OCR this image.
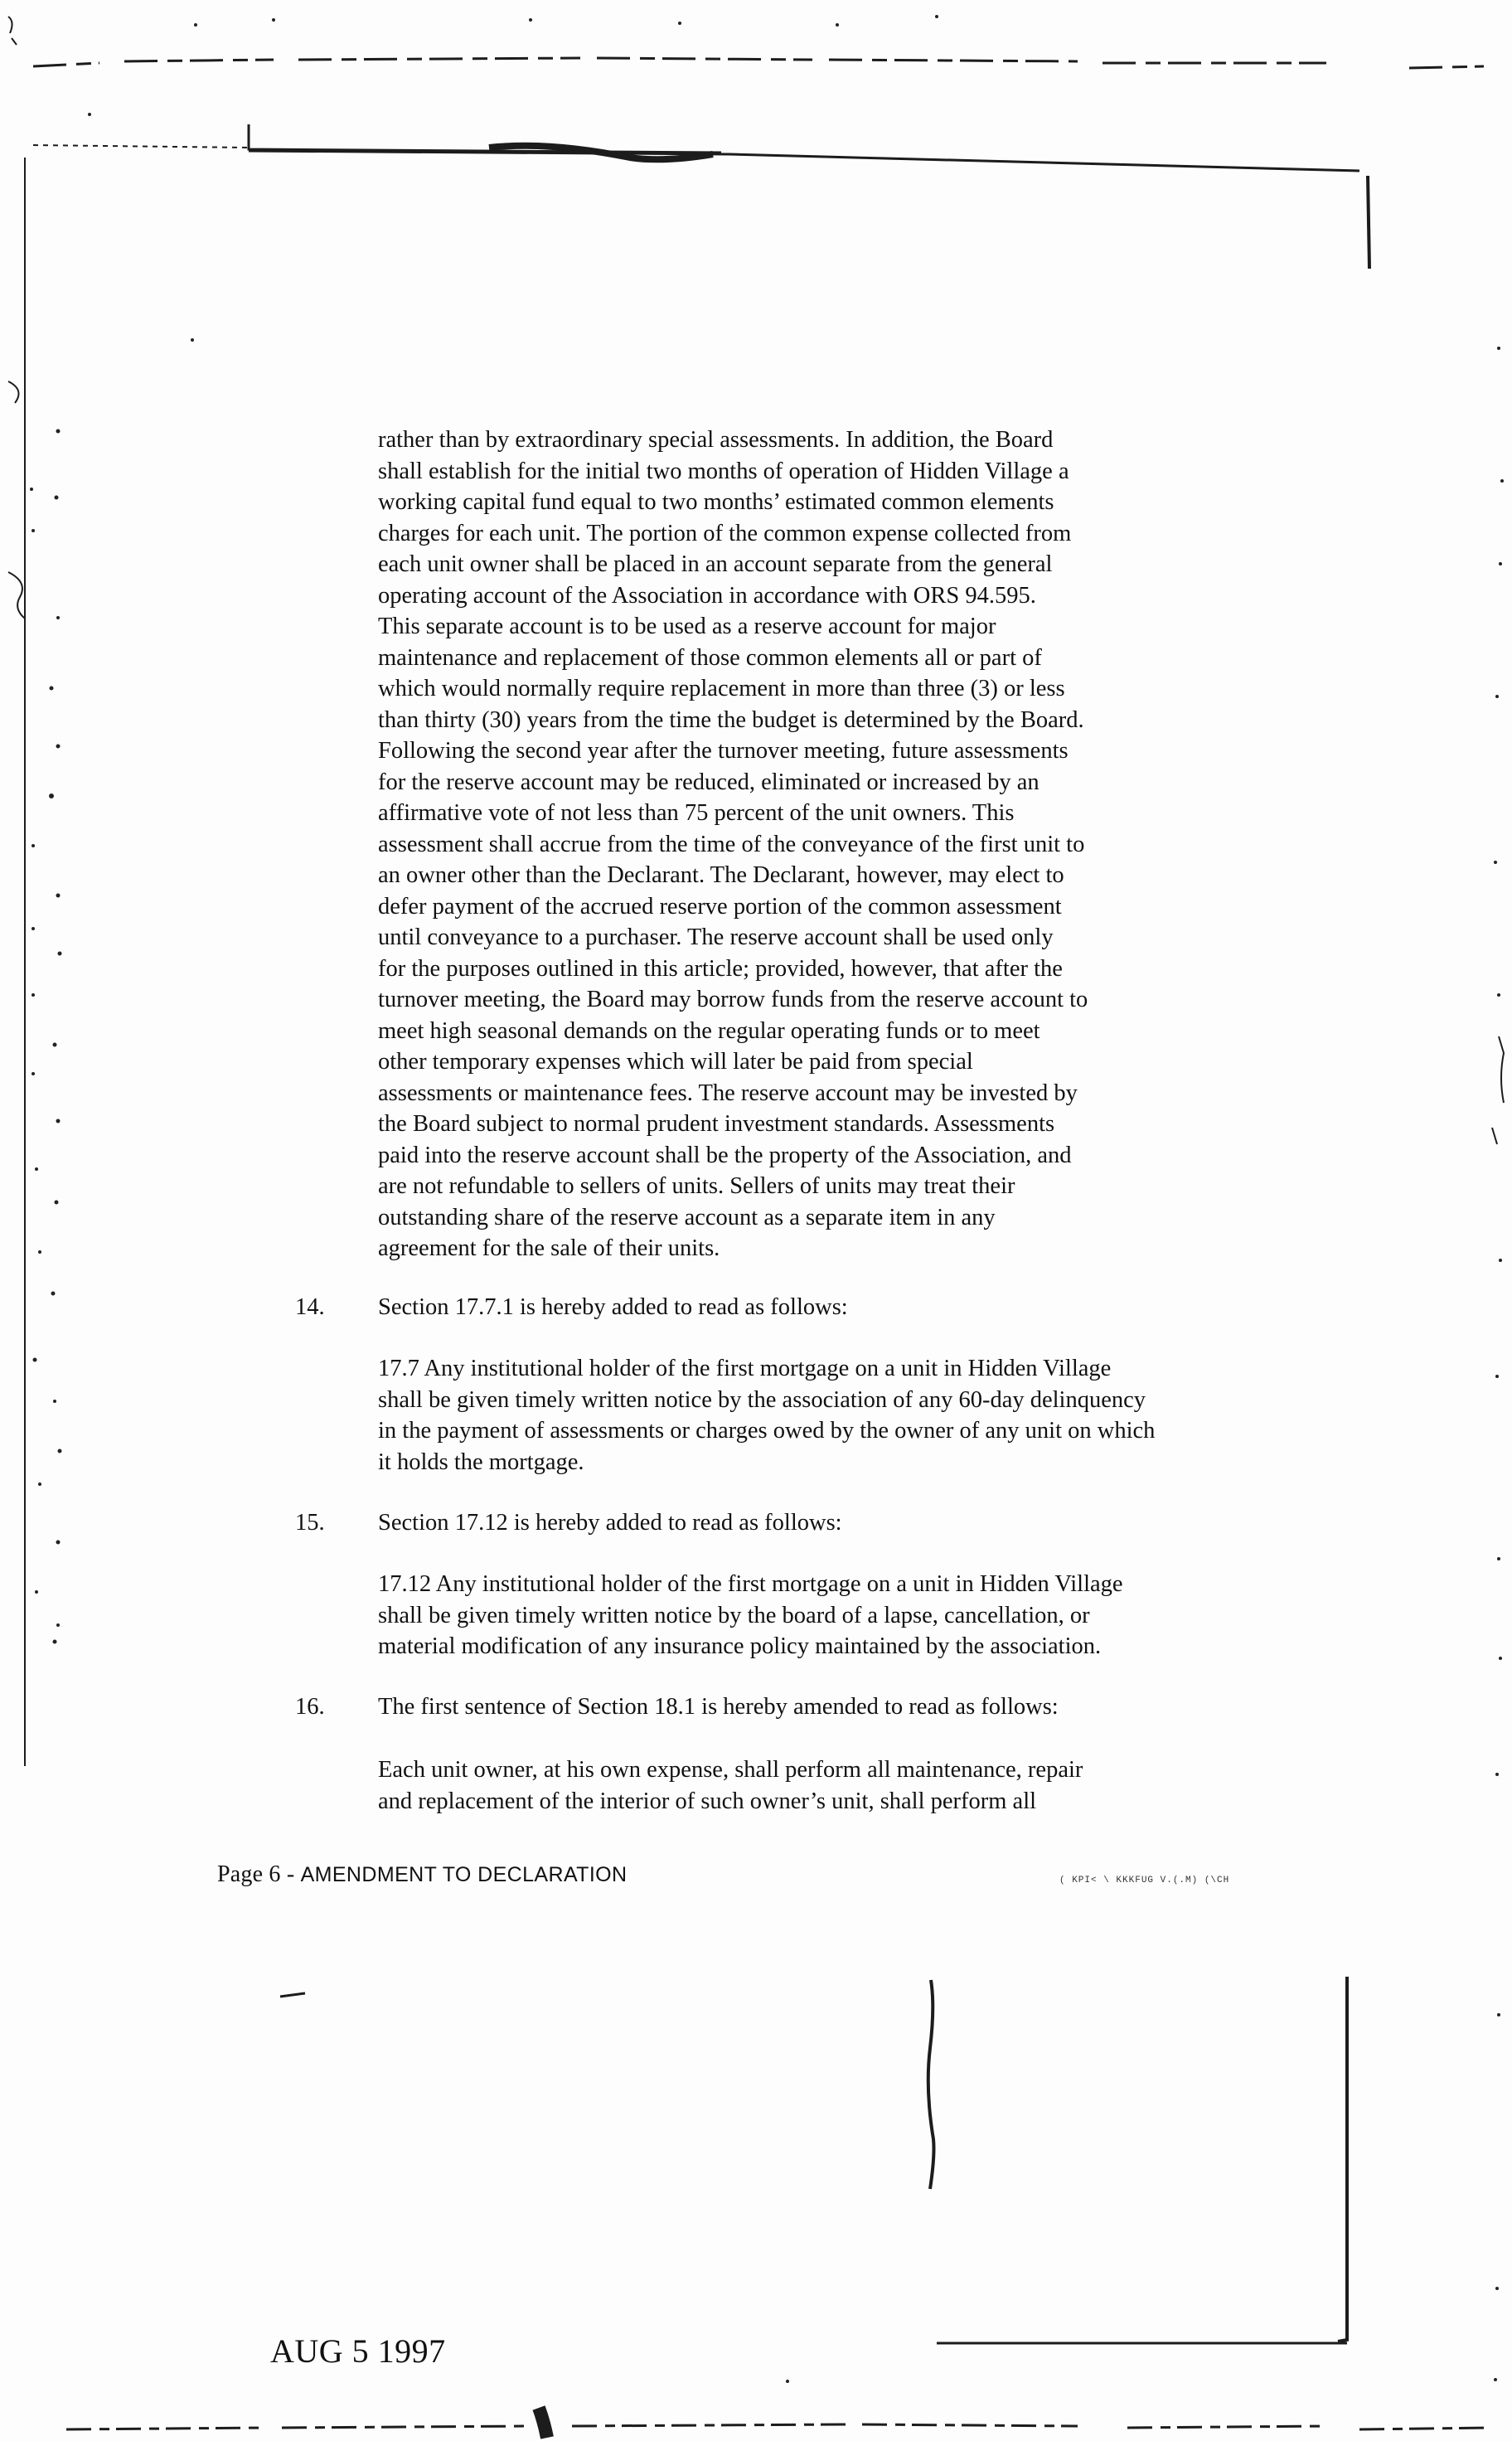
rather than by extraordinary special assessments. In addition, the Board
shall establish for the initial two months of operation of Hidden Village a
working capital fund equal to two months’ estimated common elements
charges for each unit. The portion of the common expense collected from
each unit owner shall be placed in an account separate from the general
operating account of the Association in accordance with ORS 94.595.
This separate account is to be used as a reserve account for major
maintenance and replacement of those common elements all or part of
which would normally require replacement in more than three (3) or less
than thirty (30) years from the time the budget is determined by the Board.
Following the second year after the turnover meeting, future assessments
for the reserve account may be reduced, eliminated or increased by an
affirmative vote of not less than 75 percent of the unit owners. This
assessment shall accrue from the time of the conveyance of the first unit to
an owner other than the Declarant. The Declarant, however, may elect to
defer payment of the accrued reserve portion of the common assessment
until conveyance to a purchaser. The reserve account shall be used only
for the purposes outlined in this article; provided, however, that after the
turnover meeting, the Board may borrow funds from the reserve account to
meet high seasonal demands on the regular operating funds or to meet
other temporary expenses which will later be paid from special
assessments or maintenance fees. The reserve account may be invested by
the Board subject to normal prudent investment standards. Assessments
paid into the reserve account shall be the property of the Association, and
are not refundable to sellers of units. Sellers of units may treat their
outstanding share of the reserve account as a separate item in any
agreement for the sale of their units.
14. Section 17.7.1 is hereby added to read as follows:
17.7 Any institutional holder of the first mortgage on a unit in Hidden Village
shall be given timely written notice by the association of any 60-day delinquency
in the payment of assessments or charges owed by the owner of any unit on which
it holds the mortgage.
15. Section 17.12 is hereby added to read as follows:
17.12 Any institutional holder of the first mortgage on a unit in Hidden Village
shall be given timely written notice by the board of a lapse, cancellation, or
material modification of any insurance policy maintained by the association.
16. The first sentence of Section 18.1 is hereby amended to read as follows:
Each unit owner, at his own expense, shall perform all maintenance, repair
and replacement of the interior of such owner’s unit, shall perform all
Page 6 - AMENDMENT TO DECLARATION	( KPI< \ KKKFUG V.(.M) (\CH
AUG 5 1997
